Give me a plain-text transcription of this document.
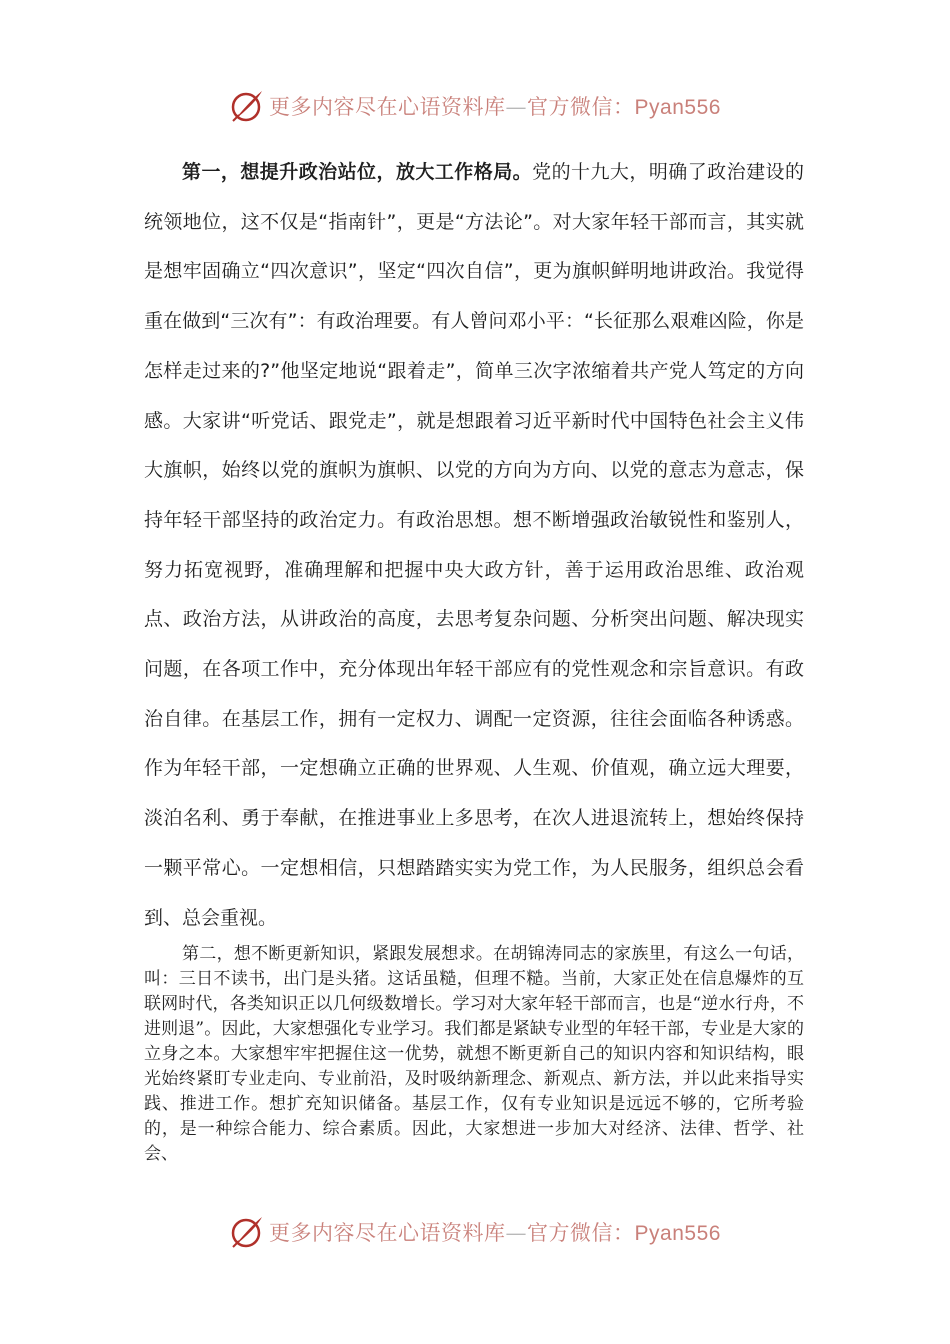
更多内容尽在心语资料库—官方微信：Pyan556

第一，想提升政治站位，放大工作格局。党的十九大，明确了政治建设的统领地位，这不仅是“指南针”，更是“方法论”。对大家年轻干部而言，其实就是想牢固确立“四次意识”，坚定“四次自信”，更为旗帜鲜明地讲政治。我觉得重在做到“三次有”：有政治理要。有人曾问邓小平：“长征那么艰难凶险，你是怎样走过来的?”他坚定地说“跟着走”，简单三次字浓缩着共产党人笃定的方向感。大家讲“听党话、跟党走”，就是想跟着习近平新时代中国特色社会主义伟大旗帜，始终以党的旗帜为旗帜、以党的方向为方向、以党的意志为意志，保持年轻干部坚持的政治定力。有政治思想。想不断增强政治敏锐性和鉴别人，努力拓宽视野，准确理解和把握中央大政方针，善于运用政治思维、政治观点、政治方法，从讲政治的高度，去思考复杂问题、分析突出问题、解决现实问题，在各项工作中，充分体现出年轻干部应有的党性观念和宗旨意识。有政治自律。在基层工作，拥有一定权力、调配一定资源，往往会面临各种诱惑。作为年轻干部，一定想确立正确的世界观、人生观、价值观，确立远大理要，淡泊名利、勇于奉献，在推进事业上多思考，在次人进退流转上，想始终保持一颗平常心。一定想相信，只想踏踏实实为党工作，为人民服务，组织总会看到、总会重视。

第二，想不断更新知识，紧跟发展想求。在胡锦涛同志的家族里，有这么一句话，叫：三日不读书，出门是头猪。这话虽糙，但理不糙。当前，大家正处在信息爆炸的互联网时代，各类知识正以几何级数增长。学习对大家年轻干部而言，也是“逆水行舟，不进则退”。因此，大家想强化专业学习。我们都是紧缺专业型的年轻干部，专业是大家的立身之本。大家想牢牢把握住这一优势，就想不断更新自己的知识内容和知识结构，眼光始终紧盯专业走向、专业前沿，及时吸纳新理念、新观点、新方法，并以此来指导实践、推进工作。想扩充知识储备。基层工作，仅有专业知识是远远不够的，它所考验的，是一种综合能力、综合素质。因此，大家想进一步加大对经济、法律、哲学、社会、

更多内容尽在心语资料库—官方微信：Pyan556
